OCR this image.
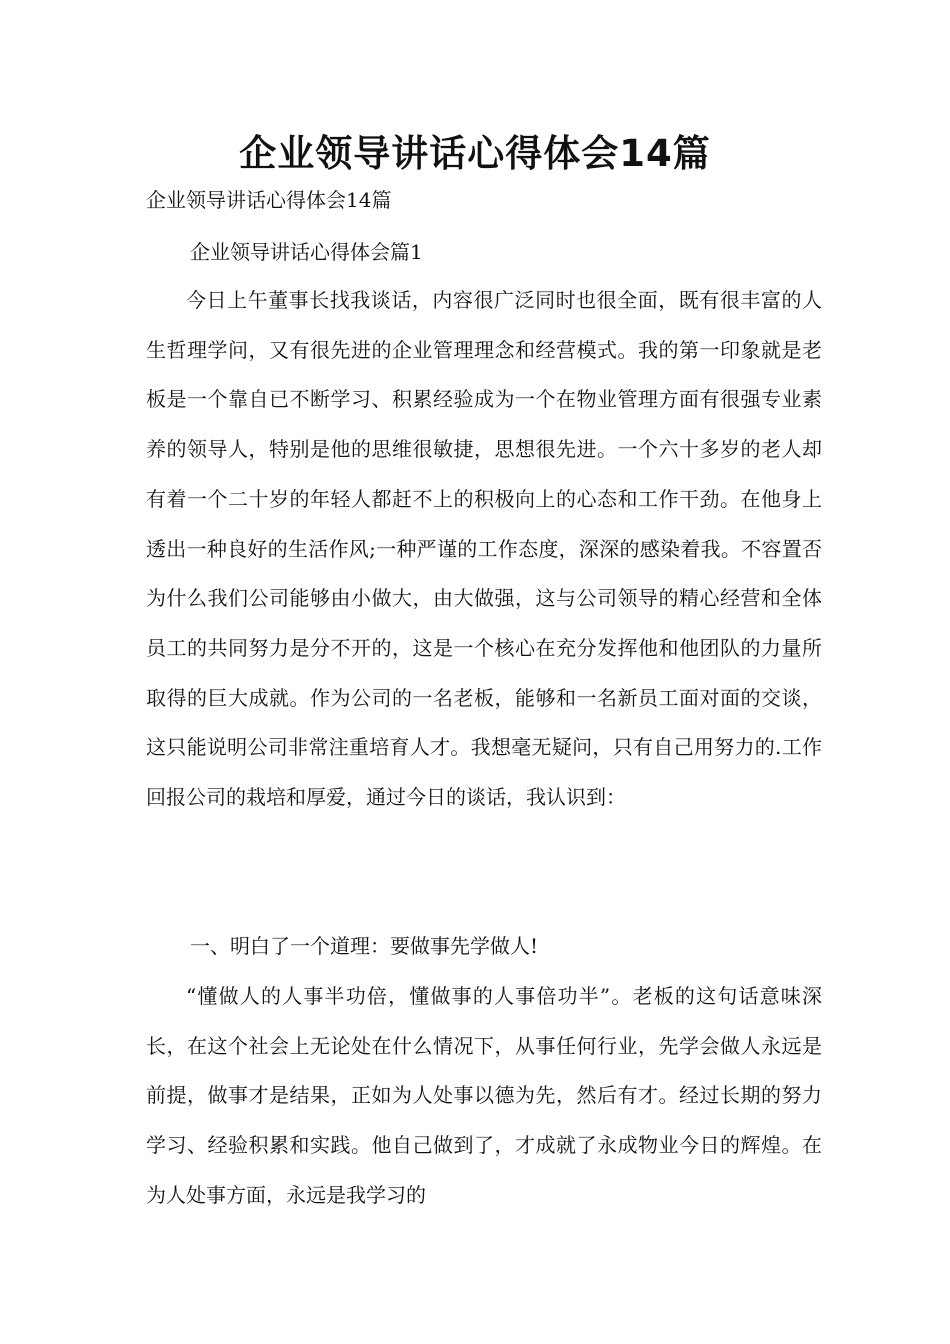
企业领导讲话心得体会14篇

企业领导讲话心得体会14篇

企业领导讲话心得体会篇1

今日上午董事长找我谈话，内容很广泛同时也很全面，既有很丰富的人生哲理学问，又有很先进的企业管理理念和经营模式。我的第一印象就是老板是一个靠自已不断学习、积累经验成为一个在物业管理方面有很强专业素养的领导人，特别是他的思维很敏捷，思想很先进。一个六十多岁的老人却有着一个二十岁的年轻人都赶不上的积极向上的心态和工作干劲。在他身上透出一种良好的生活作风;一种严谨的工作态度，深深的感染着我。不容置否为什么我们公司能够由小做大，由大做强，这与公司领导的精心经营和全体员工的共同努力是分不开的，这是一个核心在充分发挥他和他团队的力量所取得的巨大成就。作为公司的一名老板，能够和一名新员工面对面的交谈，这只能说明公司非常注重培育人才。我想毫无疑问，只有自己用努力的.工作回报公司的栽培和厚爱，通过今日的谈话，我认识到：

一、明白了一个道理：要做事先学做人!

“懂做人的人事半功倍，懂做事的人事倍功半”。老板的这句话意味深长，在这个社会上无论处在什么情况下，从事任何行业，先学会做人永远是前提，做事才是结果，正如为人处事以德为先，然后有才。经过长期的努力学习、经验积累和实践。他自己做到了，才成就了永成物业今日的辉煌。在为人处事方面，永远是我学习的
